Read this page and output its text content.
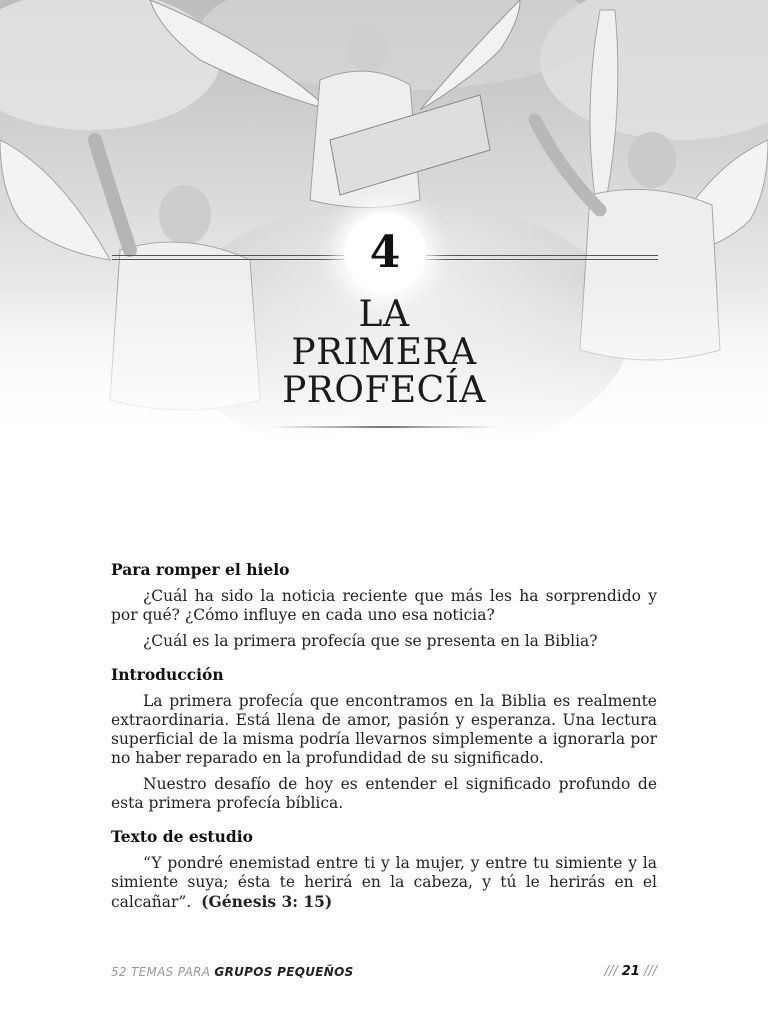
4
LA
PRIMERA
PROFECÍA
Para romper el hielo

¿Cuál ha sido la noticia reciente que más les ha sorprendido y por qué? ¿Cómo influye en cada uno esa noticia?

¿Cuál es la primera profecía que se presenta en la Biblia?

Introducción

La primera profecía que encontramos en la Biblia es realmente extraordinaria. Está llena de amor, pasión y esperanza. Una lectura superficial de la misma podría llevarnos simplemente a ignorarla por no haber reparado en la profundidad de su significado.

Nuestro desafío de hoy es entender el significado profundo de esta primera profecía bíblica.

Texto de estudio

“Y pondré enemistad entre ti y la mujer, y entre tu simiente y la simiente suya; ésta te herirá en la cabeza, y tú le herirás en el calcañar”. (Génesis 3: 15)

52 TEMAS PARA GRUPOS PEQUEÑOS	/// 21 ///
